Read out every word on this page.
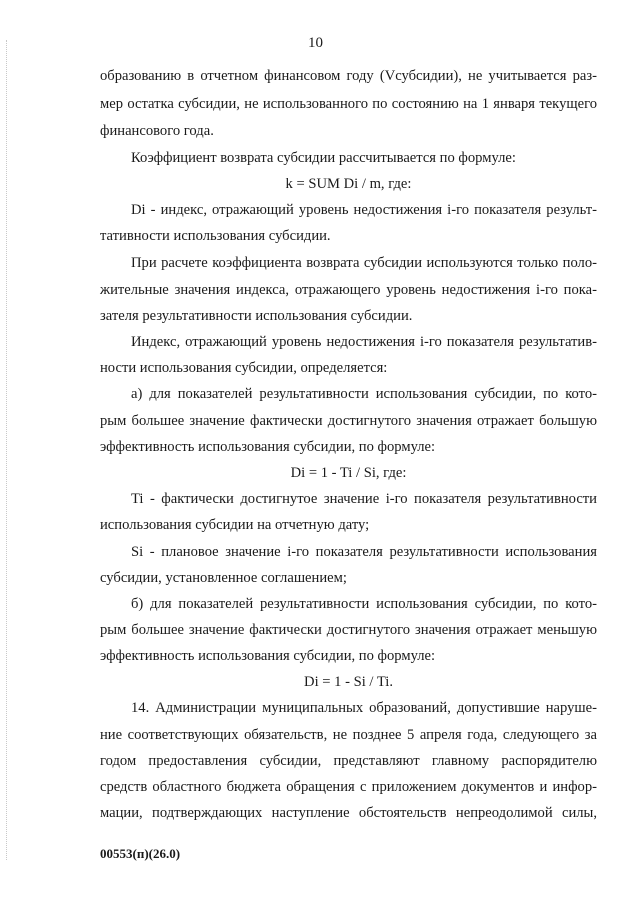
10
образованию в отчетном финансовом году (Vсубсидии), не учитывается раз-
мер остатка субсидии, не использованного по состоянию на 1 января текущего
финансового года.
Коэффициент возврата субсидии рассчитывается по формуле:
k = SUM Di / m, где:
Di - индекс, отражающий уровень недостижения i-го показателя результ-
тативности использования субсидии.
При расчете коэффициента возврата субсидии используются только поло-
жительные значения индекса, отражающего уровень недостижения i-го пока-
зателя результативности использования субсидии.
Индекс, отражающий уровень недостижения i-го показателя результатив-
ности использования субсидии, определяется:
а) для показателей результативности использования субсидии, по кото-
рым большее значение фактически достигнутого значения отражает большую
эффективность использования субсидии, по формуле:
Di = 1 - Ti / Si, где:
Ti - фактически достигнутое значение i-го показателя результативности
использования субсидии на отчетную дату;
Si - плановое значение i-го показателя результативности использования
субсидии, установленное соглашением;
б) для показателей результативности использования субсидии, по кото-
рым большее значение фактически достигнутого значения отражает меньшую
эффективность использования субсидии, по формуле:
Di = 1 - Si / Ti.
14. Администрации муниципальных образований, допустившие наруше-
ние соответствующих обязательств, не позднее 5 апреля года, следующего за
годом предоставления субсидии, представляют главному распорядителю
средств областного бюджета обращения с приложением документов и инфор-
мации, подтверждающих наступление обстоятельств непреодолимой силы,
00553(п)(26.0)
